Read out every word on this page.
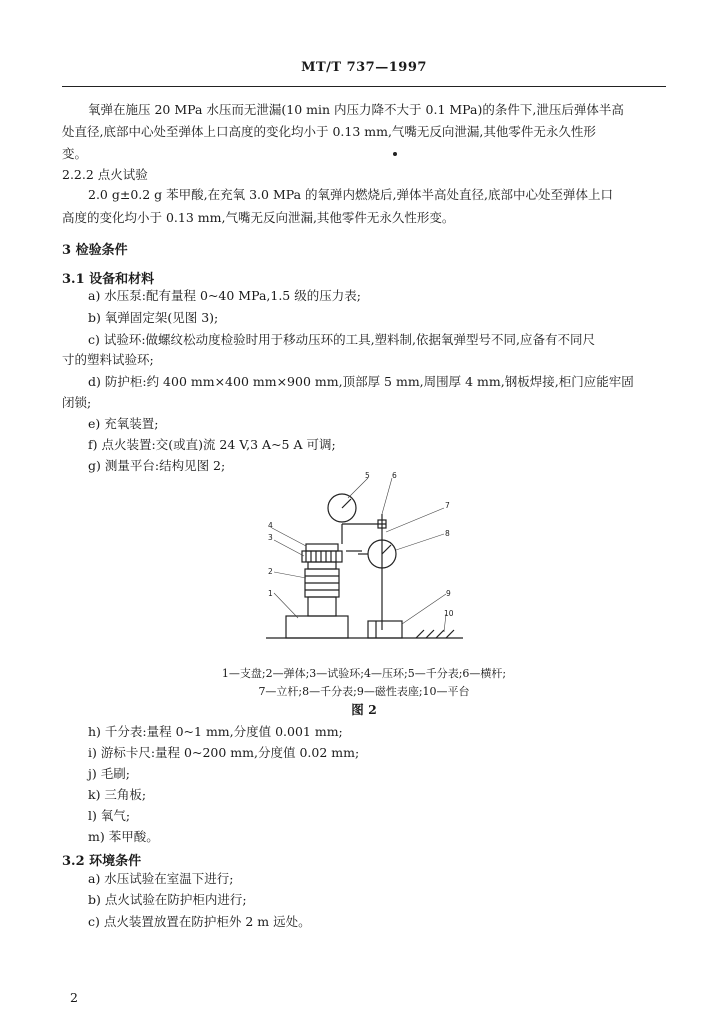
MT/T 737—1997
氧弹在施压 20 MPa 水压而无泄漏(10 min 内压力降不大于 0.1 MPa)的条件下,泄压后弹体半高
处直径,底部中心处至弹体上口高度的变化均小于 0.13 mm,气嘴无反向泄漏,其他零件无永久性形
变。
2.2.2 点火试验
2.0 g±0.2 g 苯甲酸,在充氧 3.0 MPa 的氧弹内燃烧后,弹体半高处直径,底部中心处至弹体上口
高度的变化均小于 0.13 mm,气嘴无反向泄漏,其他零件无永久性形变。
3 检验条件
3.1 设备和材料
a) 水压泵:配有量程 0~40 MPa,1.5 级的压力表;
b) 氧弹固定架(见图 3);
c) 试验环:做螺纹松动度检验时用于移动压环的工具,塑料制,依据氧弹型号不同,应备有不同尺
寸的塑料试验环;
d) 防护柜:约 400 mm×400 mm×900 mm,顶部厚 5 mm,周围厚 4 mm,钢板焊接,柜门应能牢固
闭锁;
e) 充氧装置;
f) 点火装置:交(或直)流 24 V,3 A~5 A 可调;
g) 测量平台:结构见图 2;
4
3
2
1
5	6
7
8
9
10
1—支盘;2—弹体;3—试验环;4—压环;5—千分表;6—横杆;
7—立杆;8—千分表;9—磁性表座;10—平台
图 2
h) 千分表:量程 0~1 mm,分度值 0.001 mm;
i) 游标卡尺:量程 0~200 mm,分度值 0.02 mm;
j) 毛刷;
k) 三角板;
l) 氧气;
m) 苯甲酸。
3.2 环境条件
a) 水压试验在室温下进行;
b) 点火试验在防护柜内进行;
c) 点火装置放置在防护柜外 2 m 远处。
2
